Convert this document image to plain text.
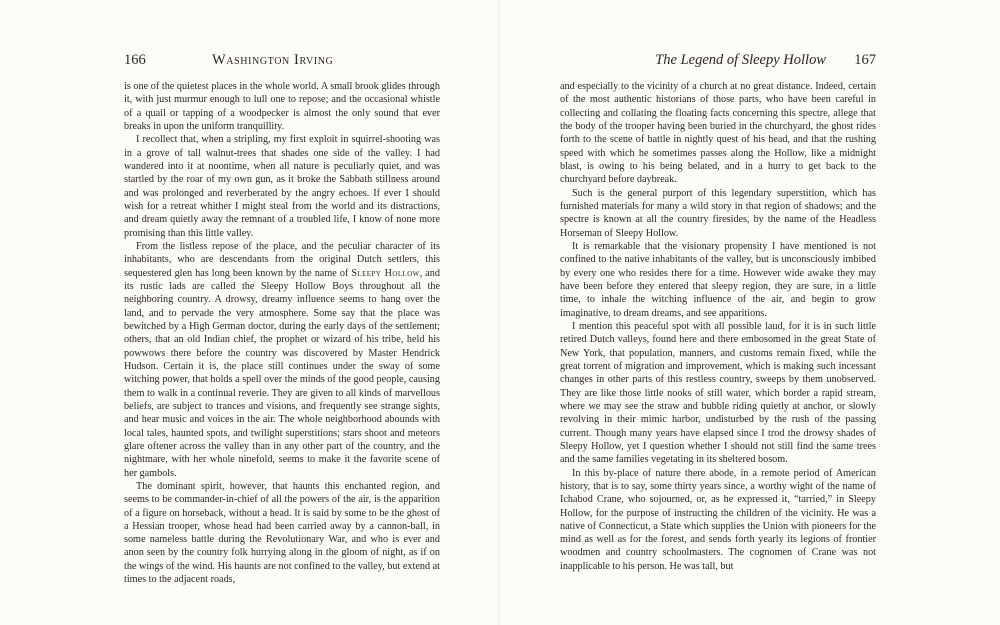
166	Washington Irving

is one of the quietest places in the whole world. A small brook glides through it, with just murmur enough to lull one to repose; and the occasional whistle of a quail or tapping of a woodpecker is almost the only sound that ever breaks in upon the uniform tranquillity.

I recollect that, when a stripling, my first exploit in squirrel-shooting was in a grove of tall walnut-trees that shades one side of the valley. I had wandered into it at noontime, when all nature is peculiarly quiet, and was startled by the roar of my own gun, as it broke the Sabbath stillness around and was prolonged and reverberated by the angry echoes. If ever I should wish for a retreat whither I might steal from the world and its distractions, and dream quietly away the remnant of a troubled life, I know of none more promising than this little valley.

From the listless repose of the place, and the peculiar character of its inhabitants, who are descendants from the original Dutch settlers, this sequestered glen has long been known by the name of Sleepy Hollow, and its rustic lads are called the Sleepy Hollow Boys throughout all the neighboring country. A drowsy, dreamy influence seems to hang over the land, and to pervade the very atmosphere. Some say that the place was bewitched by a High German doctor, during the early days of the settlement; others, that an old Indian chief, the prophet or wizard of his tribe, held his powwows there before the country was discovered by Master Hendrick Hudson. Certain it is, the place still continues under the sway of some witching power, that holds a spell over the minds of the good people, causing them to walk in a continual reverie. They are given to all kinds of marvellous beliefs, are subject to trances and visions, and frequently see strange sights, and hear music and voices in the air. The whole neighborhood abounds with local tales, haunted spots, and twilight superstitions; stars shoot and meteors glare oftener across the valley than in any other part of the country, and the nightmare, with her whole ninefold, seems to make it the favorite scene of her gambols.

The dominant spirit, however, that haunts this enchanted region, and seems to be commander-in-chief of all the powers of the air, is the apparition of a figure on horseback, without a head. It is said by some to be the ghost of a Hessian trooper, whose head had been carried away by a cannon-ball, in some nameless battle during the Revolutionary War, and who is ever and anon seen by the country folk hurrying along in the gloom of night, as if on the wings of the wind. His haunts are not confined to the valley, but extend at times to the adjacent roads,

The Legend of Sleepy Hollow 167

and especially to the vicinity of a church at no great distance. Indeed, certain of the most authentic historians of those parts, who have been careful in collecting and collating the floating facts concerning this spectre, allege that the body of the trooper having been buried in the churchyard, the ghost rides forth to the scene of battle in nightly quest of his head, and that the rushing speed with which he sometimes passes along the Hollow, like a midnight blast, is owing to his being belated, and in a hurry to get back to the churchyard before daybreak.

Such is the general purport of this legendary superstition, which has furnished materials for many a wild story in that region of shadows; and the spectre is known at all the country firesides, by the name of the Headless Horseman of Sleepy Hollow.

It is remarkable that the visionary propensity I have mentioned is not confined to the native inhabitants of the valley, but is unconsciously imbibed by every one who resides there for a time. However wide awake they may have been before they entered that sleepy region, they are sure, in a little time, to inhale the witching influence of the air, and begin to grow imaginative, to dream dreams, and see apparitions.

I mention this peaceful spot with all possible laud, for it is in such little retired Dutch valleys, found here and there embosomed in the great State of New York, that population, manners, and customs remain fixed, while the great torrent of migration and improvement, which is making such incessant changes in other parts of this restless country, sweeps by them unobserved. They are like those little nooks of still water, which border a rapid stream, where we may see the straw and bubble riding quietly at anchor, or slowly revolving in their mimic harbor, undisturbed by the rush of the passing current. Though many years have elapsed since I trod the drowsy shades of Sleepy Hollow, yet I question whether I should not still find the same trees and the same families vegetating in its sheltered bosom.

In this by-place of nature there abode, in a remote period of American history, that is to say, some thirty years since, a worthy wight of the name of Ichabod Crane, who sojourned, or, as he expressed it, “tarried,” in Sleepy Hollow, for the purpose of instructing the children of the vicinity. He was a native of Connecticut, a State which supplies the Union with pioneers for the mind as well as for the forest, and sends forth yearly its legions of frontier woodmen and country schoolmasters. The cognomen of Crane was not inapplicable to his person. He was tall, but
